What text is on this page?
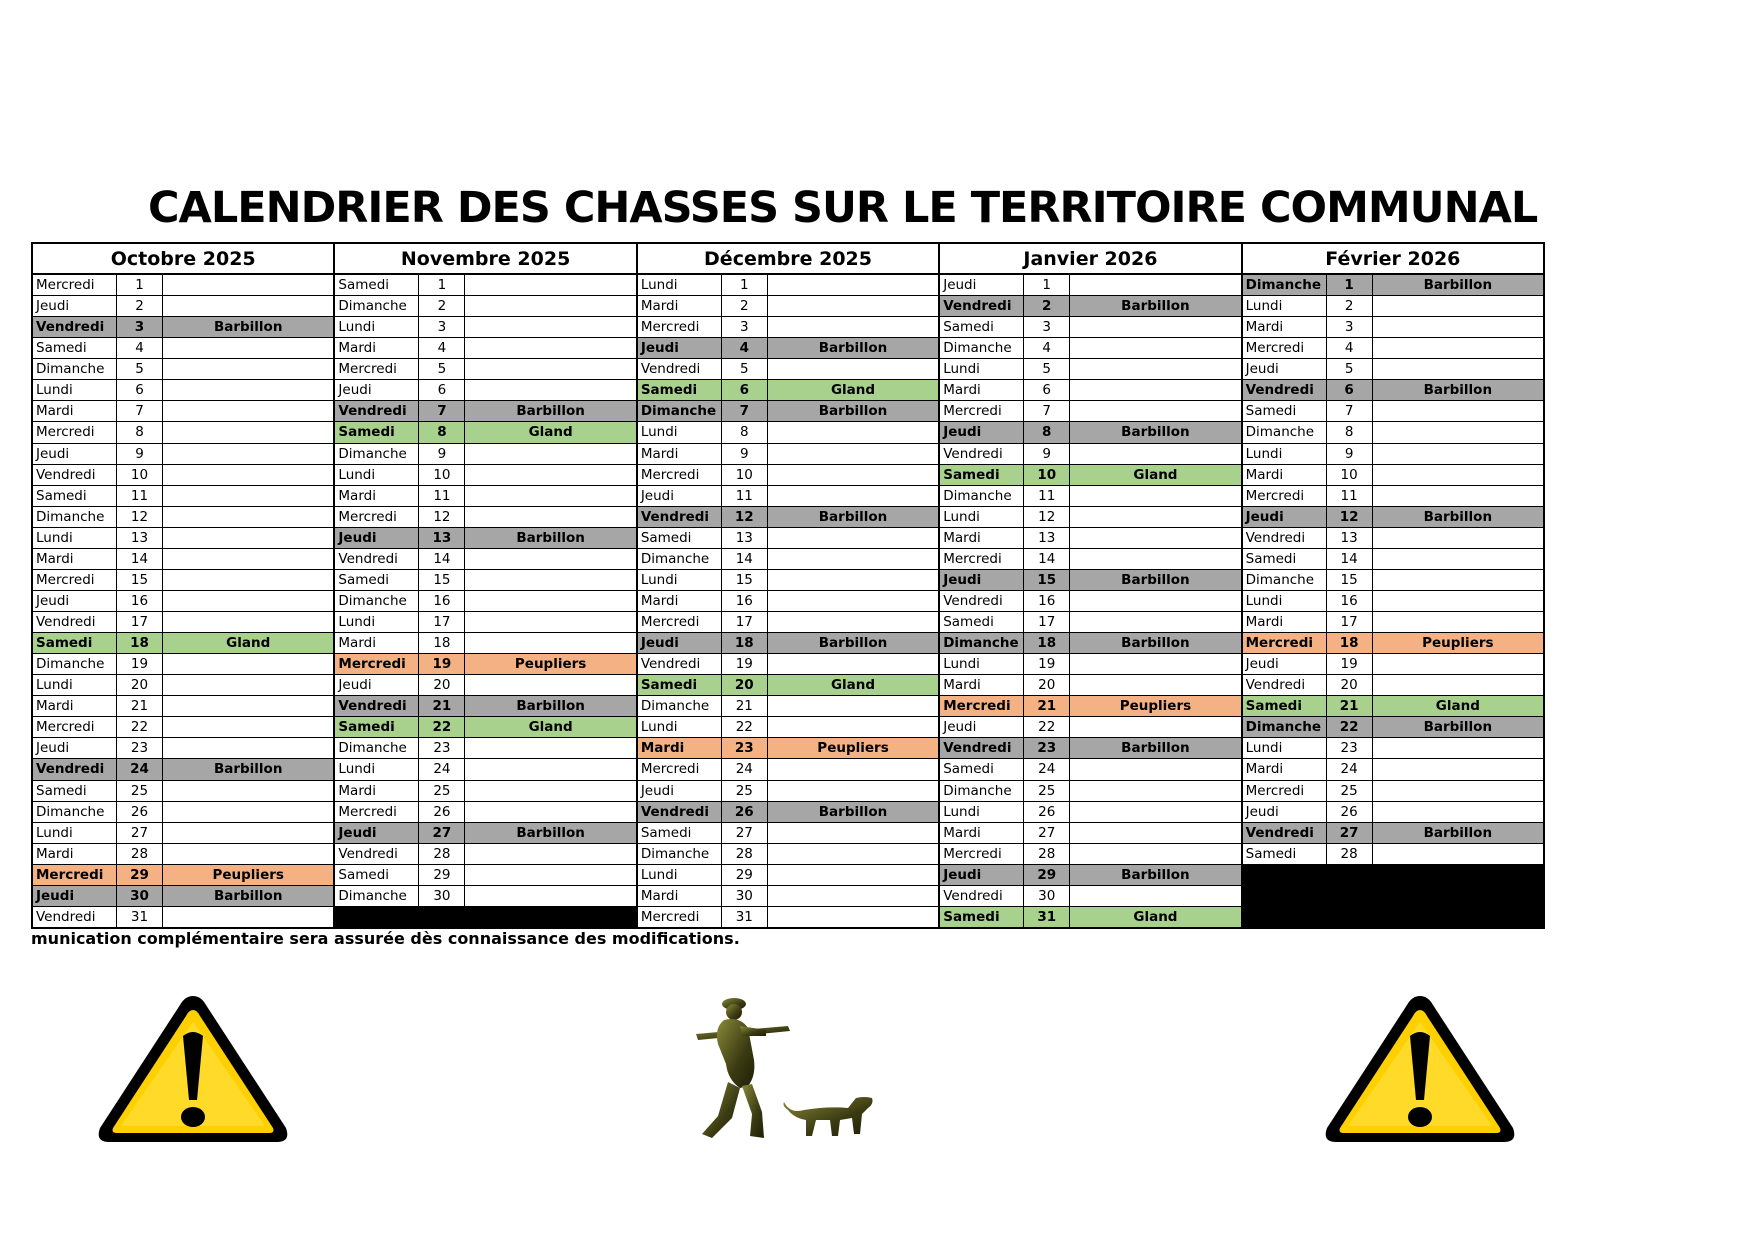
CALENDRIER DES CHASSES SUR LE TERRITOIRE COMMUNAL
Octobre 2025
Mercredi	1
Jeudi	2
Vendredi	3	Barbillon
Samedi	4
Dimanche	5
Lundi	6
Mardi	7
Mercredi	8
Jeudi	9
Vendredi	10
Samedi	11
Dimanche	12
Lundi	13
Mardi	14
Mercredi	15
Jeudi	16
Vendredi	17
Samedi	18	Gland
Dimanche	19
Lundi	20
Mardi	21
Mercredi	22
Jeudi	23
Vendredi	24	Barbillon
Samedi	25
Dimanche	26
Lundi	27
Mardi	28
Mercredi	29	Peupliers
Jeudi	30	Barbillon
Vendredi	31
Novembre 2025
Samedi	1
Dimanche	2
Lundi	3
Mardi	4
Mercredi	5
Jeudi	6
Vendredi	7	Barbillon
Samedi	8	Gland
Dimanche	9
Lundi	10
Mardi	11
Mercredi	12
Jeudi	13	Barbillon
Vendredi	14
Samedi	15
Dimanche	16
Lundi	17
Mardi	18
Mercredi	19	Peupliers
Jeudi	20
Vendredi	21	Barbillon
Samedi	22	Gland
Dimanche	23
Lundi	24
Mardi	25
Mercredi	26
Jeudi	27	Barbillon
Vendredi	28
Samedi	29
Dimanche	30
Décembre 2025
Lundi	1
Mardi	2
Mercredi	3
Jeudi	4	Barbillon
Vendredi	5
Samedi	6	Gland
Dimanche	7	Barbillon
Lundi	8
Mardi	9
Mercredi	10
Jeudi	11
Vendredi	12	Barbillon
Samedi	13
Dimanche	14
Lundi	15
Mardi	16
Mercredi	17
Jeudi	18	Barbillon
Vendredi	19
Samedi	20	Gland
Dimanche	21
Lundi	22
Mardi	23	Peupliers
Mercredi	24
Jeudi	25
Vendredi	26	Barbillon
Samedi	27
Dimanche	28
Lundi	29
Mardi	30
Mercredi	31
Janvier 2026
Jeudi	1
Vendredi	2	Barbillon
Samedi	3
Dimanche	4
Lundi	5
Mardi	6
Mercredi	7
Jeudi	8	Barbillon
Vendredi	9
Samedi	10	Gland
Dimanche	11
Lundi	12
Mardi	13
Mercredi	14
Jeudi	15	Barbillon
Vendredi	16
Samedi	17
Dimanche	18	Barbillon
Lundi	19
Mardi	20
Mercredi	21	Peupliers
Jeudi	22
Vendredi	23	Barbillon
Samedi	24
Dimanche	25
Lundi	26
Mardi	27
Mercredi	28
Jeudi	29	Barbillon
Vendredi	30
Samedi	31	Gland
Février 2026
Dimanche	1	Barbillon
Lundi	2
Mardi	3
Mercredi	4
Jeudi	5
Vendredi	6	Barbillon
Samedi	7
Dimanche	8
Lundi	9
Mardi	10
Mercredi	11
Jeudi	12	Barbillon
Vendredi	13
Samedi	14
Dimanche	15
Lundi	16
Mardi	17
Mercredi	18	Peupliers
Jeudi	19
Vendredi	20
Samedi	21	Gland
Dimanche	22	Barbillon
Lundi	23
Mardi	24
Mercredi	25
Jeudi	26
Vendredi	27	Barbillon
Samedi	28
munication complémentaire sera assurée dès connaissance des modifications.
